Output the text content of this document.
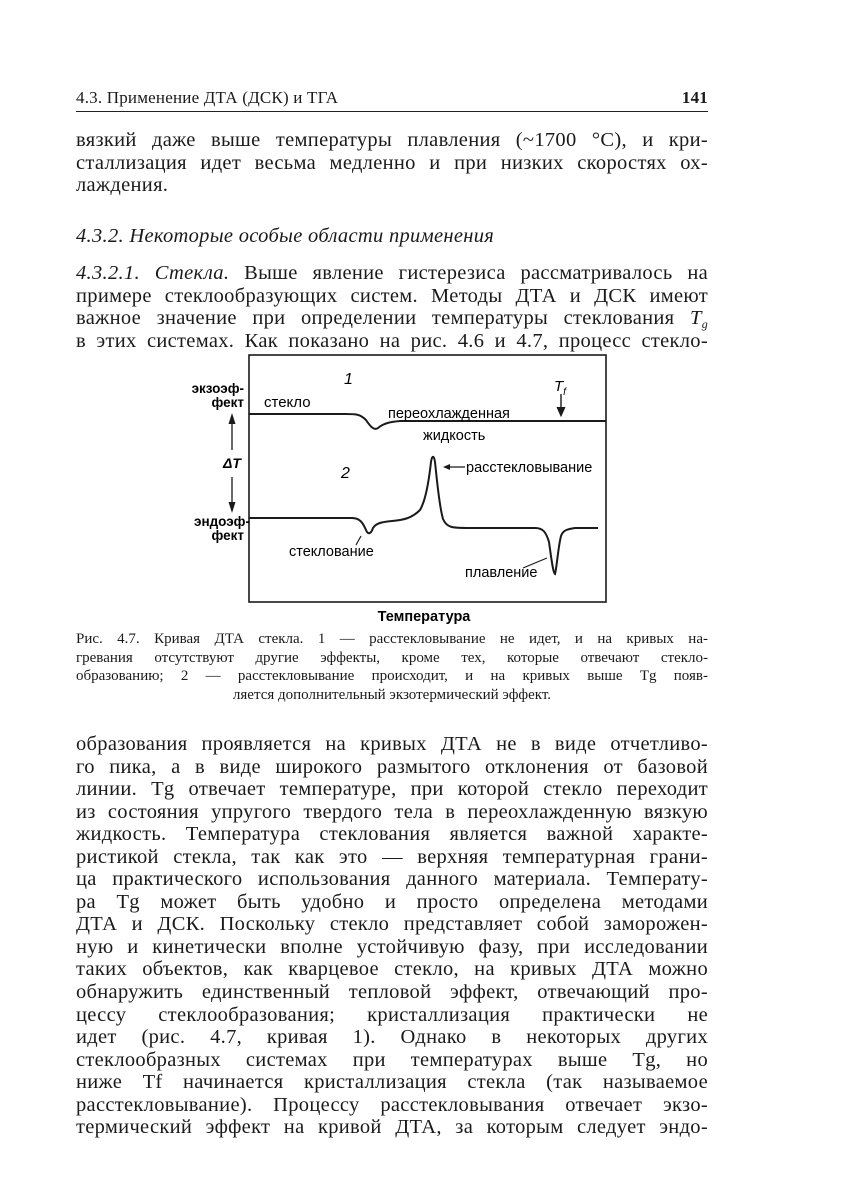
4.3. Применение ДТА (ДСК) и ТГА	141
вязкий даже выше температуры плавления (~1700 °С), и кри-
сталлизация идет весьма медленно и при низких скоростях ох-
лаждения.
4.3.2. Некоторые особые области применения
4.3.2.1. Стекла. Выше явление гистерезиса рассматривалось на
примере стеклообразующих систем. Методы ДТА и ДСК имеют
важное значение при определении температуры стеклования $T_g$
в этих системах. Как показано на рис. 4.6 и 4.7, процесс стекло-
1
2
экзоэф-
фект
ΔT
эндоэф-
фект
стекло
переохлажденная
жидкость
$T_f$
расстекловывание
стеклование
плавление
Температура
Рис. 4.7. Кривая ДТА стекла. 1 — расстекловывание не идет, и на кривых на-
гревания отсутствуют другие эффекты, кроме тех, которые отвечают стекло-
образованию; 2 — расстекловывание происходит, и на кривых выше Tg появ-
ляется дополнительный экзотермический эффект.
образования проявляется на кривых ДТА не в виде отчетливо-
го пика, а в виде широкого размытого отклонения от базовой
линии. Tg отвечает температуре, при которой стекло переходит
из состояния упругого твердого тела в переохлажденную вязкую
жидкость. Температура стеклования является важной характе-
ристикой стекла, так как это — верхняя температурная грани-
ца практического использования данного материала. Температу-
ра Tg может быть удобно и просто определена методами
ДТА и ДСК. Поскольку стекло представляет собой заморожен-
ную и кинетически вполне устойчивую фазу, при исследовании
таких объектов, как кварцевое стекло, на кривых ДТА можно
обнаружить единственный тепловой эффект, отвечающий про-
цессу стеклообразования; кристаллизация практически не
идет (рис. 4.7, кривая 1). Однако в некоторых других
стеклообразных системах при температурах выше Tg, но
ниже Tf начинается кристаллизация стекла (так называемое
расстекловывание). Процессу расстекловывания отвечает экзо-
термический эффект на кривой ДТА, за которым следует эндо-
